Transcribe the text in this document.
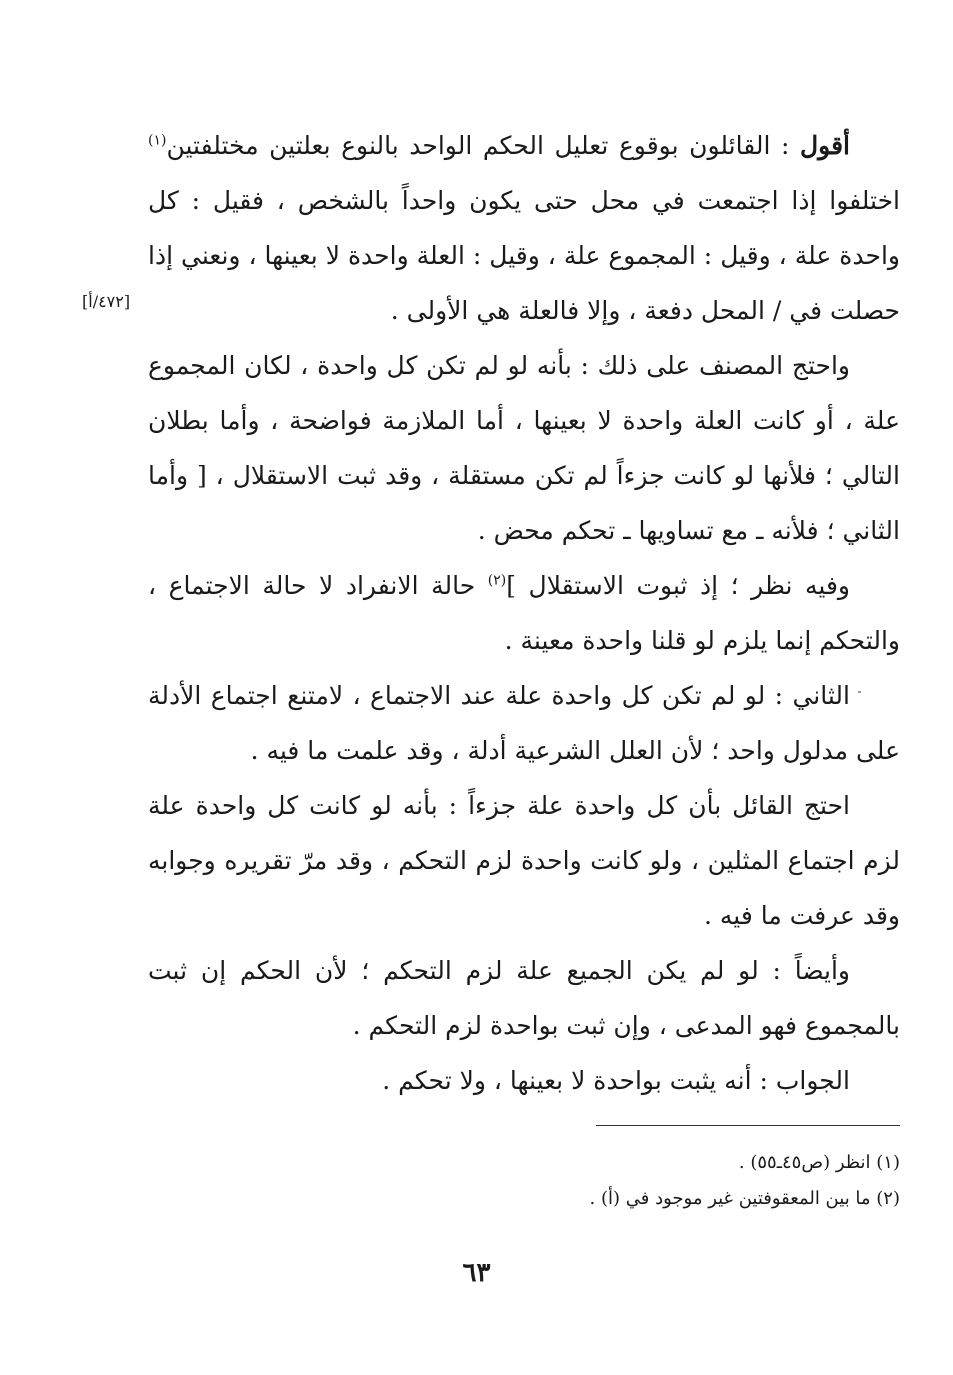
أقول : القائلون بوقوع تعليل الحكم الواحد بالنوع بعلتين مختلفتين$^{(١)}$
اختلفوا إذا اجتمعت في محل حتى يكون واحداً بالشخص ، فقيل : كل
واحدة علة ، وقيل : المجموع علة ، وقيل : العلة واحدة لا بعينها ، ونعني إذا
حصلت في / المحل دفعة ، وإلا فالعلة هي الأولى .
واحتج المصنف على ذلك : بأنه لو لم تكن كل واحدة ، لكان المجموع
علة ، أو كانت العلة واحدة لا بعينها ، أما الملازمة فواضحة ، وأما بطلان
التالي ؛ فلأنها لو كانت جزءاً لم تكن مستقلة ، وقد ثبت الاستقلال ، [ وأما
الثاني ؛ فلأنه ـ مع تساويها ـ تحكم محض .
وفيه نظر ؛ إذ ثبوت الاستقلال ]$^{(٢)}$ حالة الانفراد لا حالة الاجتماع ،
والتحكم إنما يلزم لو قلنا واحدة معينة .
الثاني : لو لم تكن كل واحدة علة عند الاجتماع ، لامتنع اجتماع الأدلة
على مدلول واحد ؛ لأن العلل الشرعية أدلة ، وقد علمت ما فيه .
احتج القائل بأن كل واحدة علة جزءاً : بأنه لو كانت كل واحدة علة
لزم اجتماع المثلين ، ولو كانت واحدة لزم التحكم ، وقد مرّ تقريره وجوابه
وقد عرفت ما فيه .
وأيضاً : لو لم يكن الجميع علة لزم التحكم ؛ لأن الحكم إن ثبت
بالمجموع فهو المدعى ، وإن ثبت بواحدة لزم التحكم .
الجواب : أنه يثبت بواحدة لا بعينها ، ولا تحكم .
[٤٧٢/أ]
(١) انظر (ص٤٥ـ٥٥) .
(٢) ما بين المعقوفتين غير موجود في (أ) .
٦٣
